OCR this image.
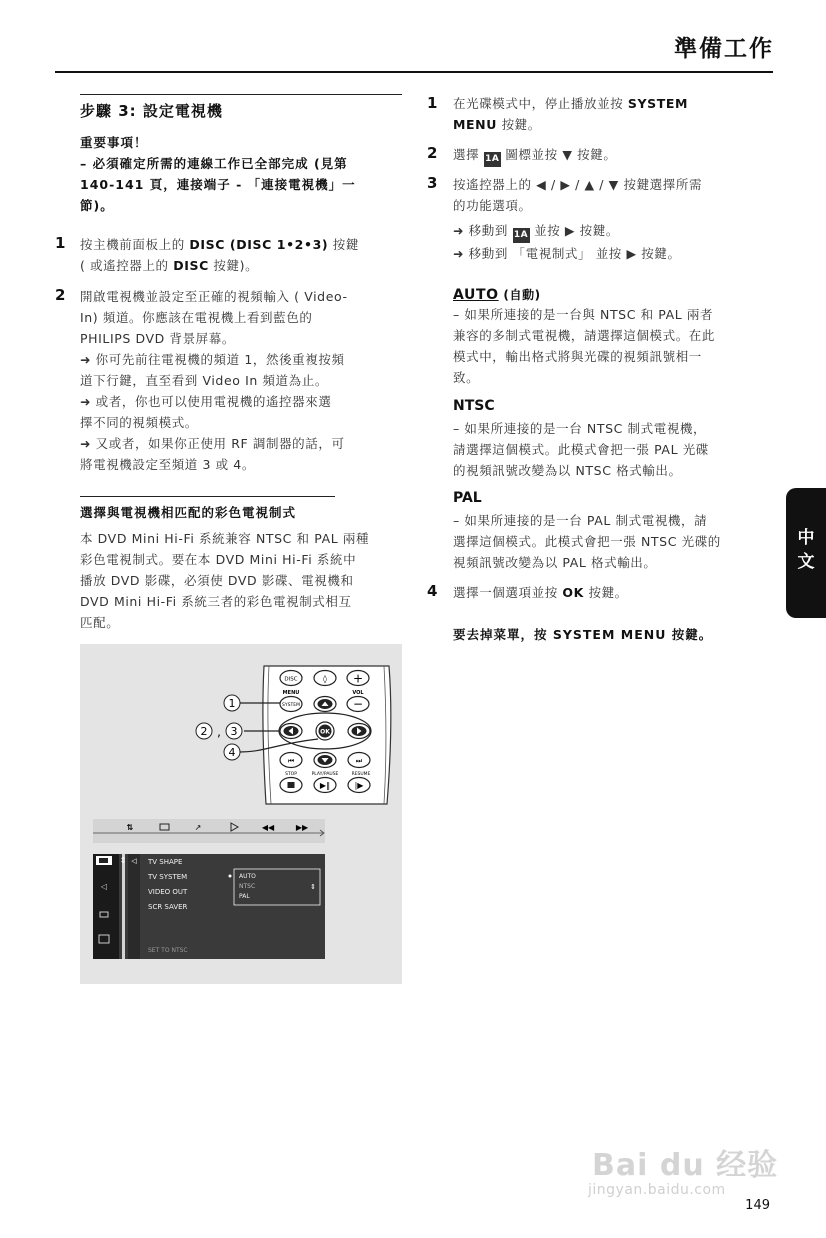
準備工作
步驟 3: 設定電視機
重要事項！
– 必須確定所需的連線工作已全部完成 (見第
140-141 頁，連接端子 - 「連接電視機」一
節)。
1 按主機前面板上的 DISC (DISC 1•2•3) 按鍵
( 或遙控器上的 DISC 按鍵)。
2 開啟電視機並設定至正確的視頻輸入 ( Video-
In) 頻道。你應該在電視機上看到藍色的
PHILIPS DVD 背景屏幕。
➜ 你可先前往電視機的頻道 1，然後重複按頻
道下行鍵，直至看到 Video In 頻道為止。
➜ 或者，你也可以使用電視機的遙控器來選
擇不同的視頻模式。
➜ 又或者，如果你正使用 RF 調制器的話，可
將電視機設定至頻道 3 或 4。
選擇與電視機相匹配的彩色電視制式
本 DVD Mini Hi-Fi 系統兼容 NTSC 和 PAL 兩種
彩色電視制式。要在本 DVD Mini Hi-Fi 系統中
播放 DVD 影碟，必須使 DVD 影碟、電視機和
DVD Mini Hi-Fi 系統三者的彩色電視制式相互
匹配。
DISC	◊ +
MENU	VOL
SYSTEM	−
OK
⏮	⏭
STOP	PLAY/PAUSE	RESUME
▶‖	|▶
1
2 , 3
4
⇅	↗	◀◀	▶▶
◁
⇕ ◁ TV SHAPE
TV SYSTEM
VIDEO OUT
SCR SAVER
AUTO
NTSC
PAL
⇕
SET TO NTSC
1 在光碟模式中，停止播放並按 SYSTEM
MENU 按鍵。
2 選擇 1A 圖標並按 ▼ 按鍵。
3 按遙控器上的 ◀ / ▶ / ▲ / ▼ 按鍵選擇所需
的功能選項。
➜ 移動到 1A 並按 ▶ 按鍵。
➜ 移動到 「電視制式」 並按 ▶ 按鍵。
AUTO (自動)
– 如果所連接的是一台與 NTSC 和 PAL 兩者
兼容的多制式電視機，請選擇這個模式。在此
模式中，輸出格式將與光碟的視頻訊號相一
致。
NTSC
– 如果所連接的是一台 NTSC 制式電視機，
請選擇這個模式。此模式會把一張 PAL 光碟
的視頻訊號改變為以 NTSC 格式輸出。
PAL
– 如果所連接的是一台 PAL 制式電視機，請
選擇這個模式。此模式會把一張 NTSC 光碟的
視頻訊號改變為以 PAL 格式輸出。
4 選擇一個選項並按 OK 按鍵。
要去掉菜單，按 SYSTEM MENU 按鍵。
中
文
Bai du 经验
jingyan.baidu.com
149
